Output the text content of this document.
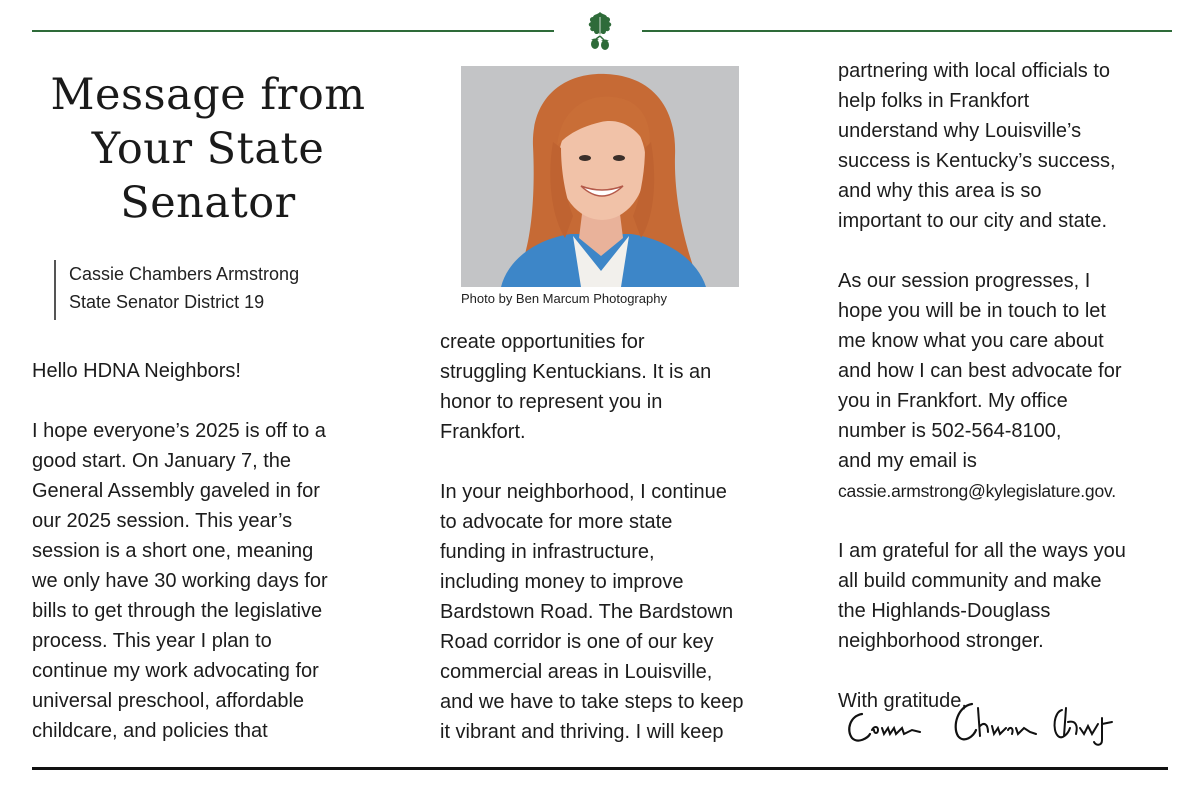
Message from
Your State
Senator
Cassie Chambers Armstrong
State Senator District 19

Hello HDNA Neighbors!

I hope everyone’s 2025 is off to a

good start. On January 7, the

General Assembly gaveled in for

our 2025 session. This year’s

session is a short one, meaning

we only have 30 working days for

bills to get through the legislative

process. This year I plan to

continue my work advocating for

universal preschool, affordable

childcare, and policies that

Photo by Ben Marcum Photography

create opportunities for

struggling Kentuckians. It is an

honor to represent you in

Frankfort.

In your neighborhood, I continue

to advocate for more state

funding in infrastructure,

including money to improve

Bardstown Road. The Bardstown

Road corridor is one of our key

commercial areas in Louisville,

and we have to take steps to keep

it vibrant and thriving. I will keep

partnering with local officials to

help folks in Frankfort

understand why Louisville’s

success is Kentucky’s success,

and why this area is so

important to our city and state.

As our session progresses, I

hope you will be in touch to let

me know what you care about

and how I can best advocate for

you in Frankfort. My office

number is 502-564-8100,

and my email is

cassie.armstrong@kylegislature.gov.

I am grateful for all the ways you

all build community and make

the Highlands-Douglass

neighborhood stronger.

With gratitude,
